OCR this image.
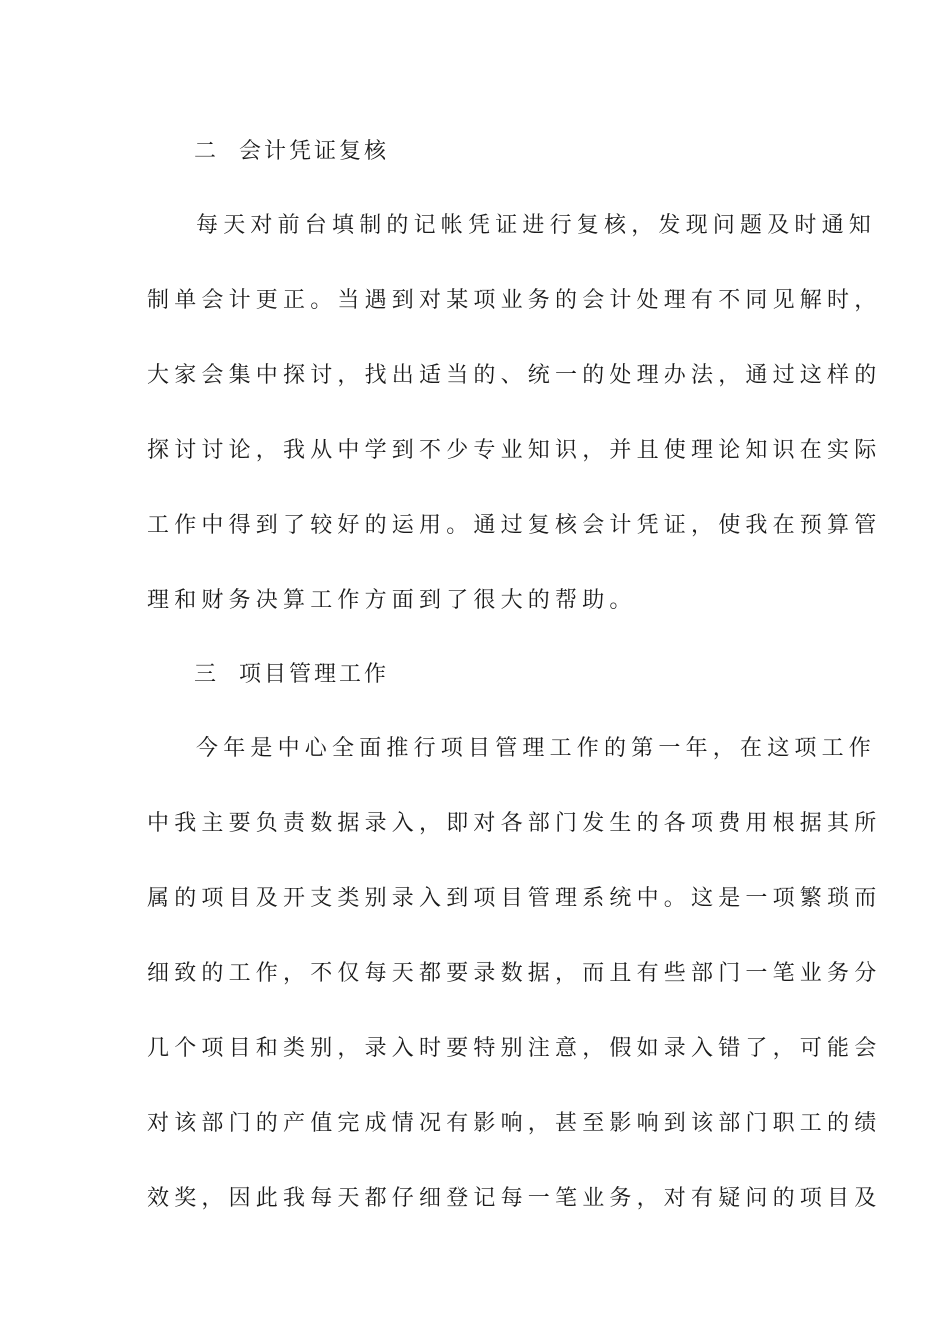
二  会计凭证复核
每天对前台填制的记帐凭证进行复核，发现问题及时通知
制单会计更正。当遇到对某项业务的会计处理有不同见解时，
大家会集中探讨，找出适当的、统一的处理办法，通过这样的
探讨讨论，我从中学到不少专业知识，并且使理论知识在实际
工作中得到了较好的运用。通过复核会计凭证，使我在预算管
理和财务决算工作方面到了很大的帮助。
三  项目管理工作
今年是中心全面推行项目管理工作的第一年，在这项工作
中我主要负责数据录入，即对各部门发生的各项费用根据其所
属的项目及开支类别录入到项目管理系统中。这是一项繁琐而
细致的工作，不仅每天都要录数据，而且有些部门一笔业务分
几个项目和类别，录入时要特别注意，假如录入错了，可能会
对该部门的产值完成情况有影响，甚至影响到该部门职工的绩
效奖，因此我每天都仔细登记每一笔业务，对有疑问的项目及
